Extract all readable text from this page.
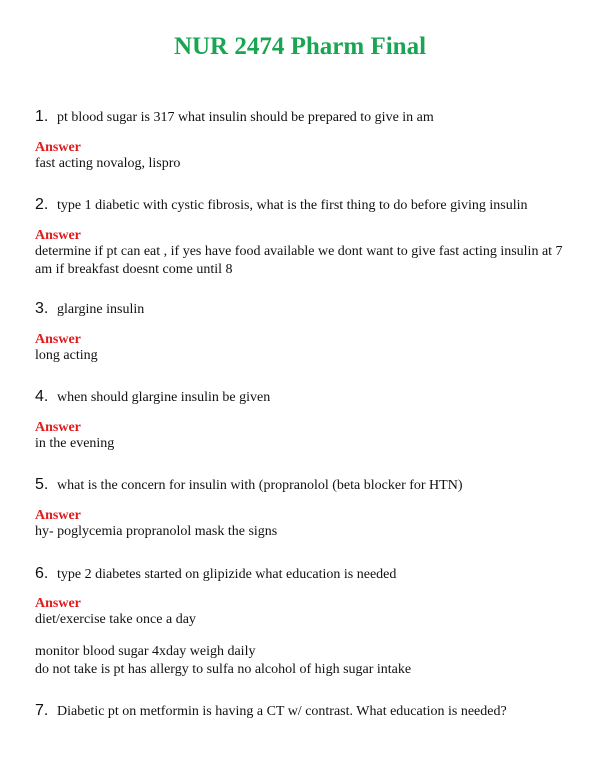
NUR 2474 Pharm Final
1. pt blood sugar is 317 what insulin should be prepared to give in am
Answer
fast acting novalog, lispro
2. type 1 diabetic with cystic fibrosis, what is the first thing to do before giving insulin
Answer
determine if pt can eat , if yes have food available we dont want to give fast acting insulin at 7
am if breakfast doesnt come until 8
3. glargine insulin
Answer
long acting
4. when should glargine insulin be given
Answer
in the evening
5. what is the concern for insulin with (propranolol (beta blocker for HTN)
Answer
hy- poglycemia propranolol mask the signs
6. type 2 diabetes started on glipizide what education is needed
Answer
diet/exercise take once a day
monitor blood sugar 4xday weigh daily
do not take is pt has allergy to sulfa no alcohol of high sugar intake
7. Diabetic pt on metformin is having a CT w/ contrast. What education is needed?
